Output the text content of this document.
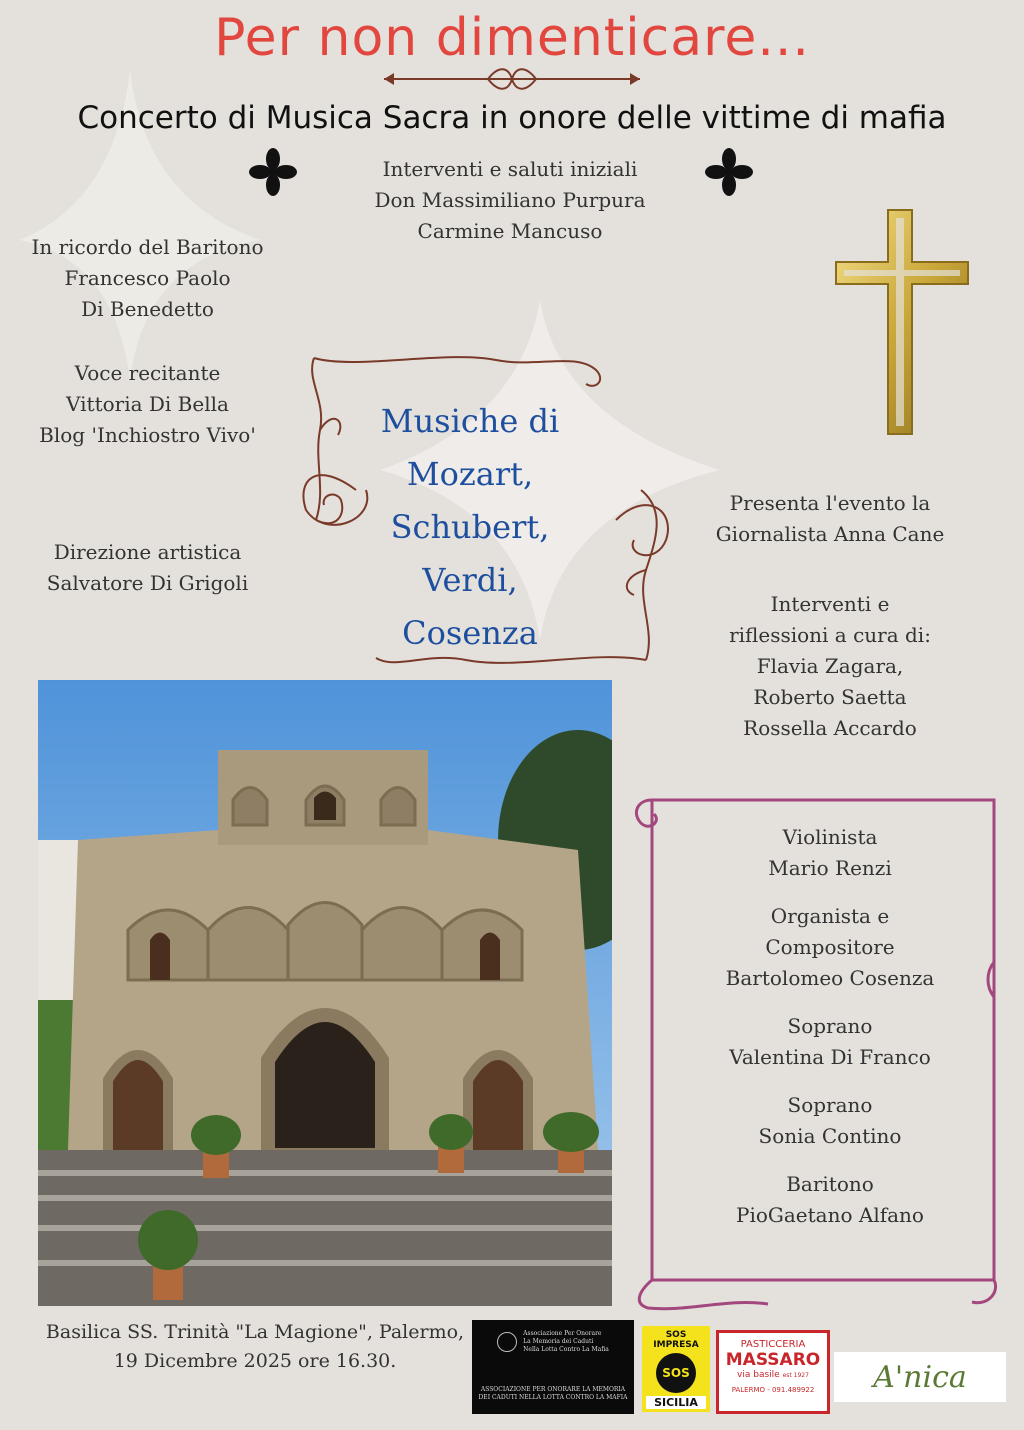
Per non dimenticare...
Concerto di Musica Sacra in onore delle vittime di mafia
Interventi e saluti iniziali
Don Massimiliano Purpura
Carmine Mancuso
In ricordo del Baritono
Francesco Paolo
Di Benedetto
Voce recitante
Vittoria Di Bella
Blog 'Inchiostro Vivo'
Direzione artistica
Salvatore Di Grigoli
Musiche di
Mozart,
Schubert,
Verdi,
Cosenza
Presenta l'evento la
Giornalista Anna Cane
Interventi e
riflessioni a cura di:
Flavia Zagara,
Roberto Saetta
Rossella Accardo
Violinista
Mario Renzi
Organista e
Compositore
Bartolomeo Cosenza
Soprano
Valentina Di Franco
Soprano
Sonia Contino
Baritono
PioGaetano Alfano
Basilica SS. Trinità "La Magione", Palermo,
19 Dicembre 2025 ore 16.30.
Associazione Per Onorare
La Memoria dei Caduti
Nella Lotta Contro La Mafia
ASSOCIAZIONE PER ONORARE LA MEMORIA
DEI CADUTI NELLA LOTTA CONTRO LA MAFIA
SOS IMPRESA
SOS
SICILIA
PASTICCERIA
MASSARO
via basile est 1927
PALERMO - 091.489922	A'nica
